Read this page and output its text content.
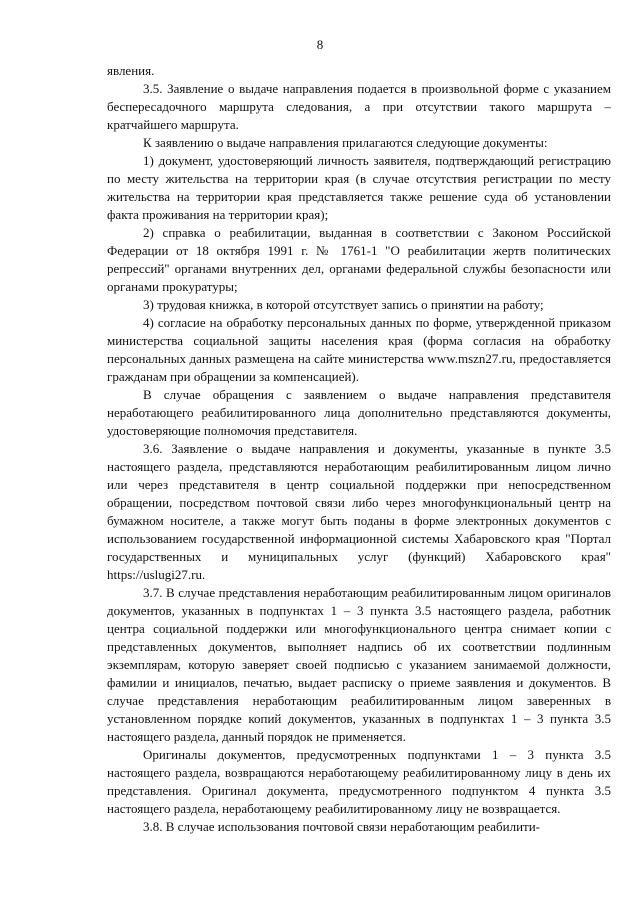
8

явления.

3.5. Заявление о выдаче направления подается в произвольной форме с указанием беспересадочного маршрута следования, а при отсутствии такого маршрута – кратчайшего маршрута.

К заявлению о выдаче направления прилагаются следующие документы:

1) документ, удостоверяющий личность заявителя, подтверждающий регистрацию по месту жительства на территории края (в случае отсутствия регистрации по месту жительства на территории края представляется также решение суда об установлении факта проживания на территории края);

2) справка о реабилитации, выданная в соответствии с Законом Российской Федерации от 18 октября 1991 г. № 1761-1 "О реабилитации жертв политических репрессий" органами внутренних дел, органами федеральной службы безопасности или органами прокуратуры;

3) трудовая книжка, в которой отсутствует запись о принятии на работу;

4) согласие на обработку персональных данных по форме, утвержденной приказом министерства социальной защиты населения края (форма согласия на обработку персональных данных размещена на сайте министерства www.mszn27.ru, предоставляется гражданам при обращении за компенсацией).

В случае обращения с заявлением о выдаче направления представителя неработающего реабилитированного лица дополнительно представляются документы, удостоверяющие полномочия представителя.

3.6. Заявление о выдаче направления и документы, указанные в пункте 3.5 настоящего раздела, представляются неработающим реабилитированным лицом лично или через представителя в центр социальной поддержки при непосредственном обращении, посредством почтовой связи либо через многофункциональный центр на бумажном носителе, а также могут быть поданы в форме электронных документов с использованием государственной информационной системы Хабаровского края "Портал государственных и муниципальных услуг (функций) Хабаровского края" https://uslugi27.ru.

3.7. В случае представления неработающим реабилитированным лицом оригиналов документов, указанных в подпунктах 1 – 3 пункта 3.5 настоящего раздела, работник центра социальной поддержки или многофункционального центра снимает копии с представленных документов, выполняет надпись об их соответствии подлинным экземплярам, которую заверяет своей подписью с указанием занимаемой должности, фамилии и инициалов, печатью, выдает расписку о приеме заявления и документов. В случае представления неработающим реабилитированным лицом заверенных в установленном порядке копий документов, указанных в подпунктах 1 – 3 пункта 3.5 настоящего раздела, данный порядок не применяется.

Оригиналы документов, предусмотренных подпунктами 1 – 3 пункта 3.5 настоящего раздела, возвращаются неработающему реабилитированному лицу в день их представления. Оригинал документа, предусмотренного подпунктом 4 пункта 3.5 настоящего раздела, неработающему реабилитированному лицу не возвращается.

3.8. В случае использования почтовой связи неработающим реабилити-
